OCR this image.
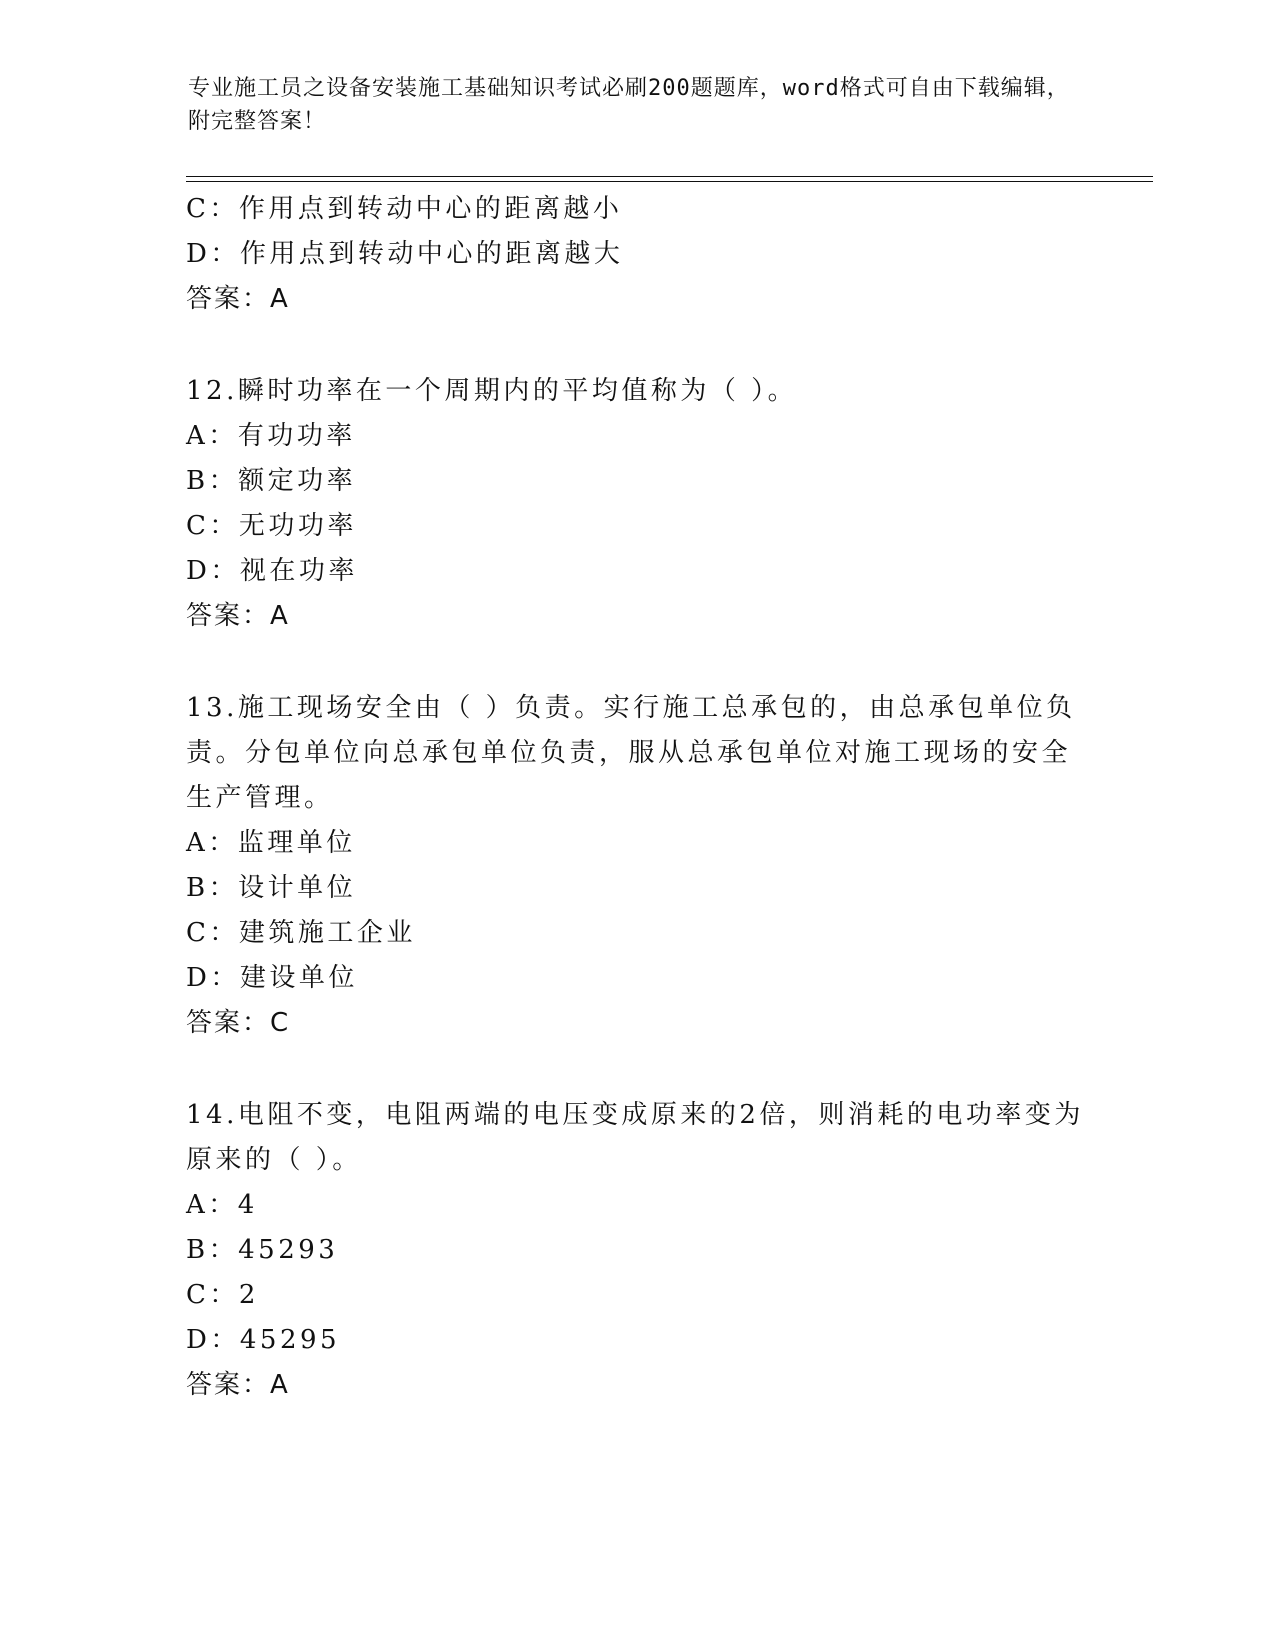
专业施工员之设备安装施工基础知识考试必刷200题题库，word格式可自由下载编辑，附完整答案！
C：作用点到转动中心的距离越小
D：作用点到转动中心的距离越大
答案：A
12.瞬时功率在一个周期内的平均值称为（ ）。
A：有功功率
B：额定功率
C：无功功率
D：视在功率
答案：A
13.施工现场安全由（ ）负责。实行施工总承包的，由总承包单位负
责。分包单位向总承包单位负责，服从总承包单位对施工现场的安全
生产管理。
A：监理单位
B：设计单位
C：建筑施工企业
D：建设单位
答案：C
14.电阻不变，电阻两端的电压变成原来的2倍，则消耗的电功率变为
原来的（ ）。
A：4
B：45293
C：2
D：45295
答案：A
